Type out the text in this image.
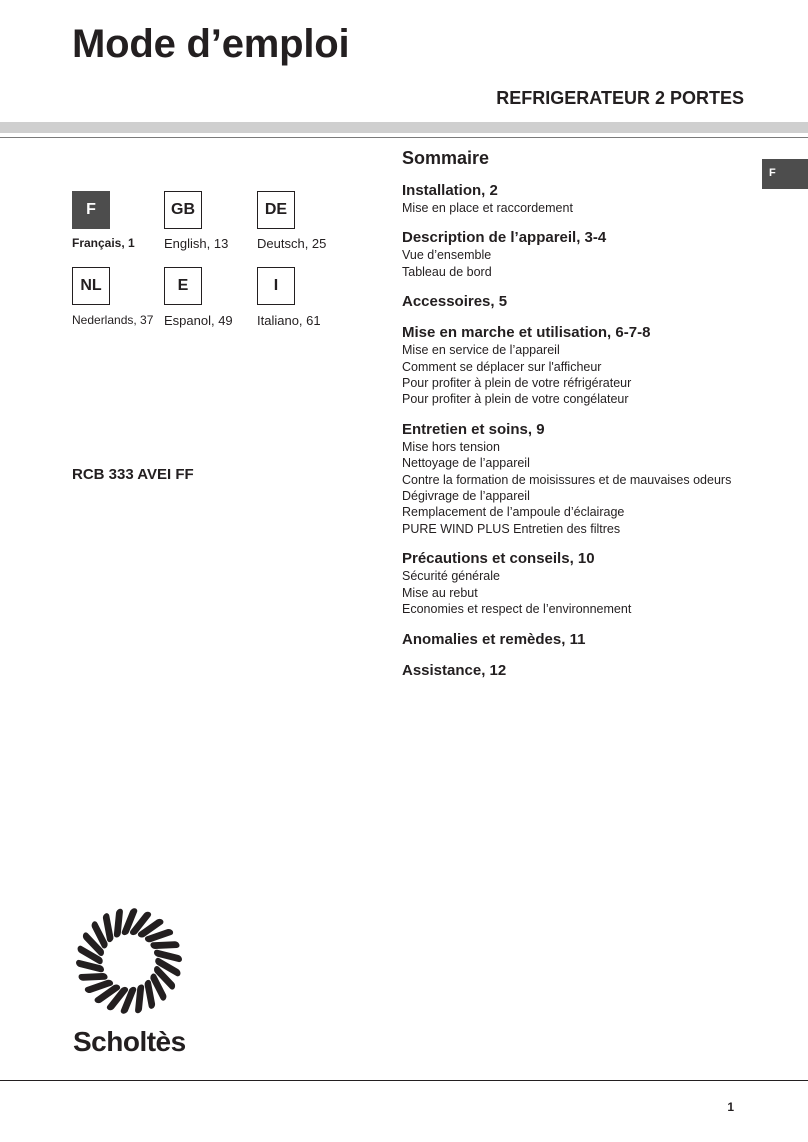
Mode d’emploi
REFRIGERATEUR 2 PORTES
F
F	GB	DE
Français, 1 English, 13 Deutsch, 25
NL	E	I
Nederlands, 37 Espanol, 49 Italiano, 61
RCB 333 AVEI FF
Sommaire
Installation, 2
Mise en place et raccordement
Description de l’appareil, 3-4
Vue d’ensemble
Tableau de bord
Accessoires, 5
Mise en marche et utilisation, 6-7-8
Mise en service de l’appareil
Comment se déplacer sur l'afficheur
Pour profiter à plein de votre réfrigérateur
Pour profiter à plein de votre congélateur
Entretien et soins, 9
Mise hors tension
Nettoyage de l’appareil
Contre la formation de moisissures et de mauvaises odeurs
Dégivrage de l’appareil
Remplacement de l’ampoule d’éclairage
PURE WIND PLUS Entretien des filtres
Précautions et conseils, 10
Sécurité générale
Mise au rebut
Economies et respect de l’environnement
Anomalies et remèdes, 11
Assistance, 12
Scholtès
1
